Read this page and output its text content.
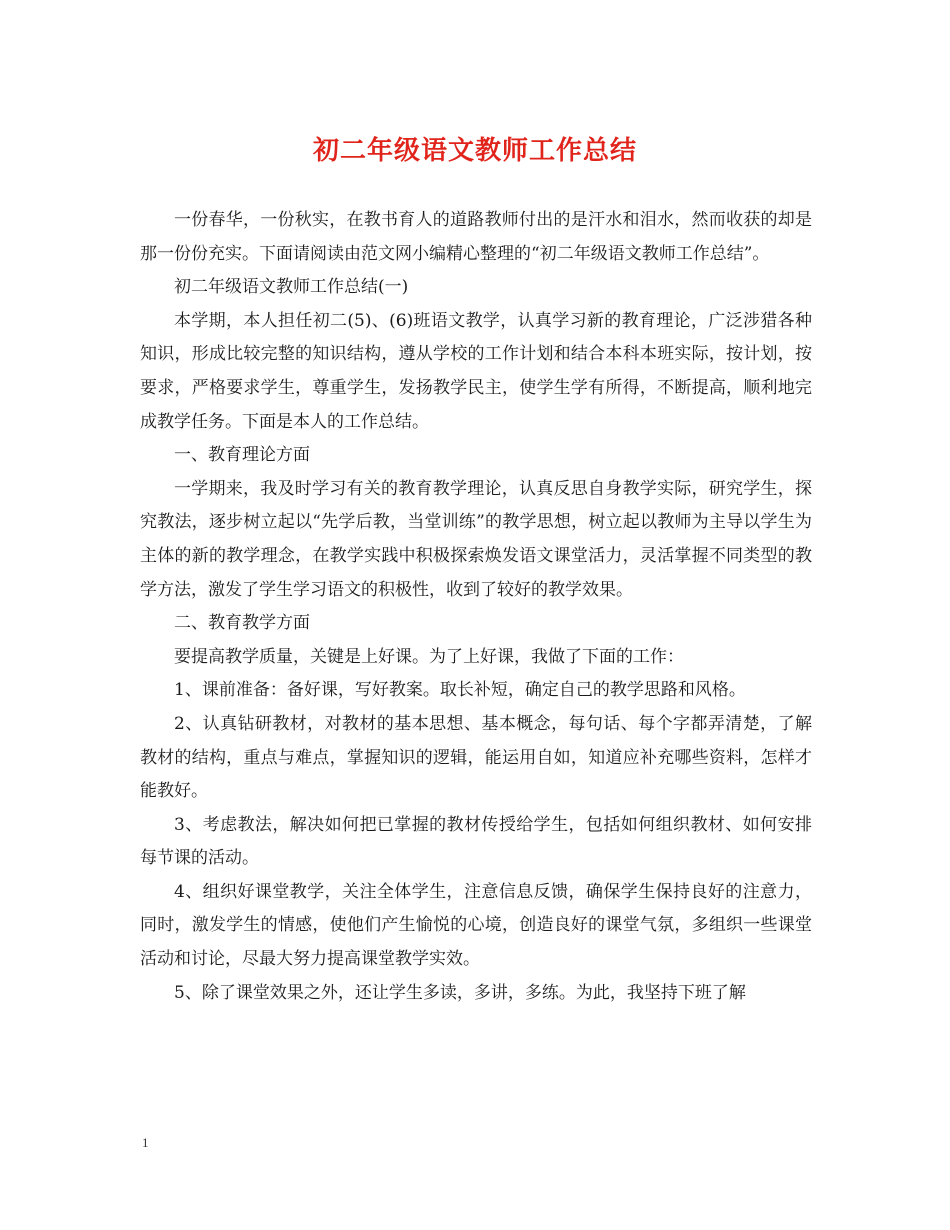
初二年级语文教师工作总结

一份春华，一份秋实，在教书育人的道路教师付出的是汗水和泪水，然而收获的却是那一份份充实。下面请阅读由范文网小编精心整理的“初二年级语文教师工作总结”。

初二年级语文教师工作总结(一)

本学期，本人担任初二(5)、(6)班语文教学，认真学习新的教育理论，广泛涉猎各种知识，形成比较完整的知识结构，遵从学校的工作计划和结合本科本班实际，按计划，按要求，严格要求学生，尊重学生，发扬教学民主，使学生学有所得，不断提高，顺利地完成教学任务。下面是本人的工作总结。

一、教育理论方面

一学期来，我及时学习有关的教育教学理论，认真反思自身教学实际，研究学生，探究教法，逐步树立起以“先学后教，当堂训练”的教学思想，树立起以教师为主导以学生为主体的新的教学理念，在教学实践中积极探索焕发语文课堂活力，灵活掌握不同类型的教学方法，激发了学生学习语文的积极性，收到了较好的教学效果。

二、教育教学方面

要提高教学质量，关键是上好课。为了上好课，我做了下面的工作：

1、课前准备：备好课，写好教案。取长补短，确定自己的教学思路和风格。

2、认真钻研教材，对教材的基本思想、基本概念，每句话、每个字都弄清楚，了解教材的结构，重点与难点，掌握知识的逻辑，能运用自如，知道应补充哪些资料，怎样才能教好。

3、考虑教法，解决如何把已掌握的教材传授给学生，包括如何组织教材、如何安排每节课的活动。

4、组织好课堂教学，关注全体学生，注意信息反馈，确保学生保持良好的注意力，同时，激发学生的情感，使他们产生愉悦的心境，创造良好的课堂气氛，多组织一些课堂活动和讨论，尽最大努力提高课堂教学实效。

5、除了课堂效果之外，还让学生多读，多讲，多练。为此，我坚持下班了解

1
